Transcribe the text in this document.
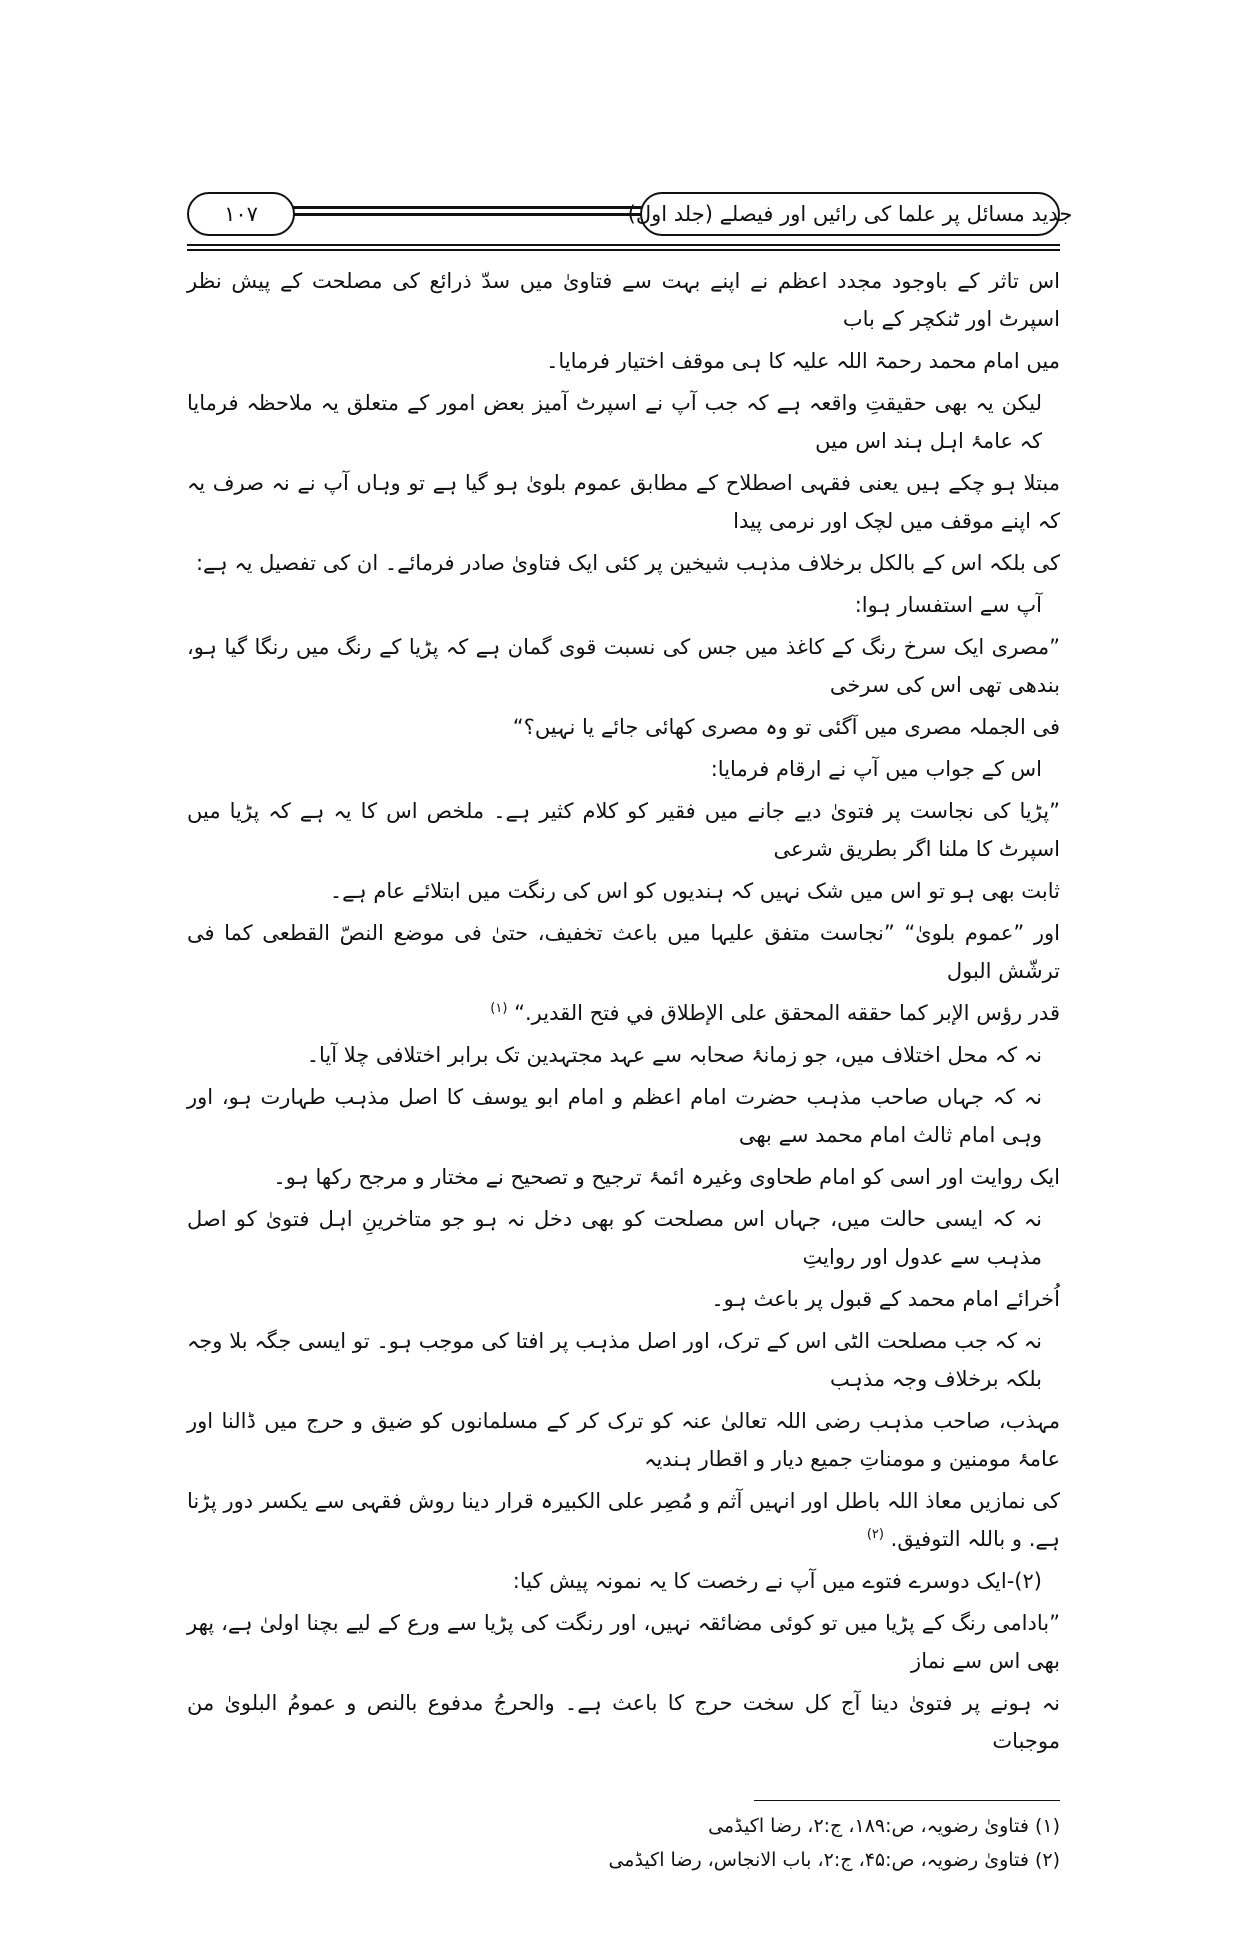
جدید مسائل پر علما کی رائیں اور فیصلے (جلد اول)
۱۰۷
اس تاثر کے باوجود مجدد اعظم نے اپنے بہت سے فتاویٰ میں سدّ ذرائع کی مصلحت کے پیش نظر اسپرٹ اور ٹنکچر کے باب
میں امام محمد رحمۃ اللہ علیہ کا ہی موقف اختیار فرمایا۔
لیکن یہ بھی حقیقتِ واقعہ ہے کہ جب آپ نے اسپرٹ آمیز بعض امور کے متعلق یہ ملاحظہ فرمایا کہ عامۂ اہل ہند اس میں
مبتلا ہو چکے ہیں یعنی فقہی اصطلاح کے مطابق عموم بلویٰ ہو گیا ہے تو وہاں آپ نے نہ صرف یہ کہ اپنے موقف میں لچک اور نرمی پیدا
کی بلکہ اس کے بالکل برخلاف مذہب شیخین پر کئی ایک فتاویٰ صادر فرمائے۔ ان کی تفصیل یہ ہے:
آپ سے استفسار ہوا:
”مصری ایک سرخ رنگ کے کاغذ میں جس کی نسبت قوی گمان ہے کہ پڑیا کے رنگ میں رنگا گیا ہو، بندھی تھی اس کی سرخی
فی الجملہ مصری میں آگئی تو وہ مصری کھائی جائے یا نہیں؟“
اس کے جواب میں آپ نے ارقام فرمایا:
”پڑیا کی نجاست پر فتویٰ دیے جانے میں فقیر کو کلام کثیر ہے۔ ملخص اس کا یہ ہے کہ پڑیا میں اسپرٹ کا ملنا اگر بطریق شرعی
ثابت بھی ہو تو اس میں شک نہیں کہ ہندیوں کو اس کی رنگت میں ابتلائے عام ہے۔
اور ”عموم بلویٰ“ ”نجاست متفق علیہا میں باعث تخفیف، حتیٰ فی موضع النصّ القطعی کما فی ترشّش البول
قدر رؤس الإبر كما حققه المحقق على الإطلاق في فتح القدير.“ $^{(۱)}$
نہ کہ محل اختلاف میں، جو زمانۂ صحابہ سے عہد مجتہدین تک برابر اختلافی چلا آیا۔
نہ کہ جہاں صاحب مذہب حضرت امام اعظم و امام ابو یوسف کا اصل مذہب طہارت ہو، اور وہی امام ثالث امام محمد سے بھی
ایک روایت اور اسی کو امام طحاوی وغیرہ ائمۂ ترجیح و تصحیح نے مختار و مرجح رکھا ہو۔
نہ کہ ایسی حالت میں، جہاں اس مصلحت کو بھی دخل نہ ہو جو متاخرینِ اہل فتویٰ کو اصل مذہب سے عدول اور روایتِ
اُخرائے امام محمد کے قبول پر باعث ہو۔
نہ کہ جب مصلحت الٹی اس کے ترک، اور اصل مذہب پر افتا کی موجب ہو۔ تو ایسی جگہ بلا وجہ بلکہ برخلاف وجہ مذہب
مہذب، صاحب مذہب رضی اللہ تعالیٰ عنہ کو ترک کر کے مسلمانوں کو ضیق و حرج میں ڈالنا اور عامۂ مومنین و مومناتِ جمیع دیار و اقطار ہندیہ
کی نمازیں معاذ اللہ باطل اور انہیں آثم و مُصِر علی الکبیرہ قرار دینا روش فقہی سے یکسر دور پڑنا ہے. و باللہ التوفیق. $^{(۲)}$
(۲)-ایک دوسرے فتوے میں آپ نے رخصت کا یہ نمونہ پیش کیا:
”بادامی رنگ کے پڑیا میں تو کوئی مضائقہ نہیں، اور رنگت کی پڑیا سے ورع کے لیے بچنا اولیٰ ہے، پھر بھی اس سے نماز
نہ ہونے پر فتویٰ دینا آج کل سخت حرج کا باعث ہے۔ والحرجُ مدفوع بالنص و عمومُ البلویٰ من موجبات
(۱) فتاویٰ رضویہ، ص:۱۸۹، ج:۲، رضا اکیڈمی
(۲) فتاویٰ رضویہ، ص:۴۵، ج:۲، باب الانجاس، رضا اکیڈمی
